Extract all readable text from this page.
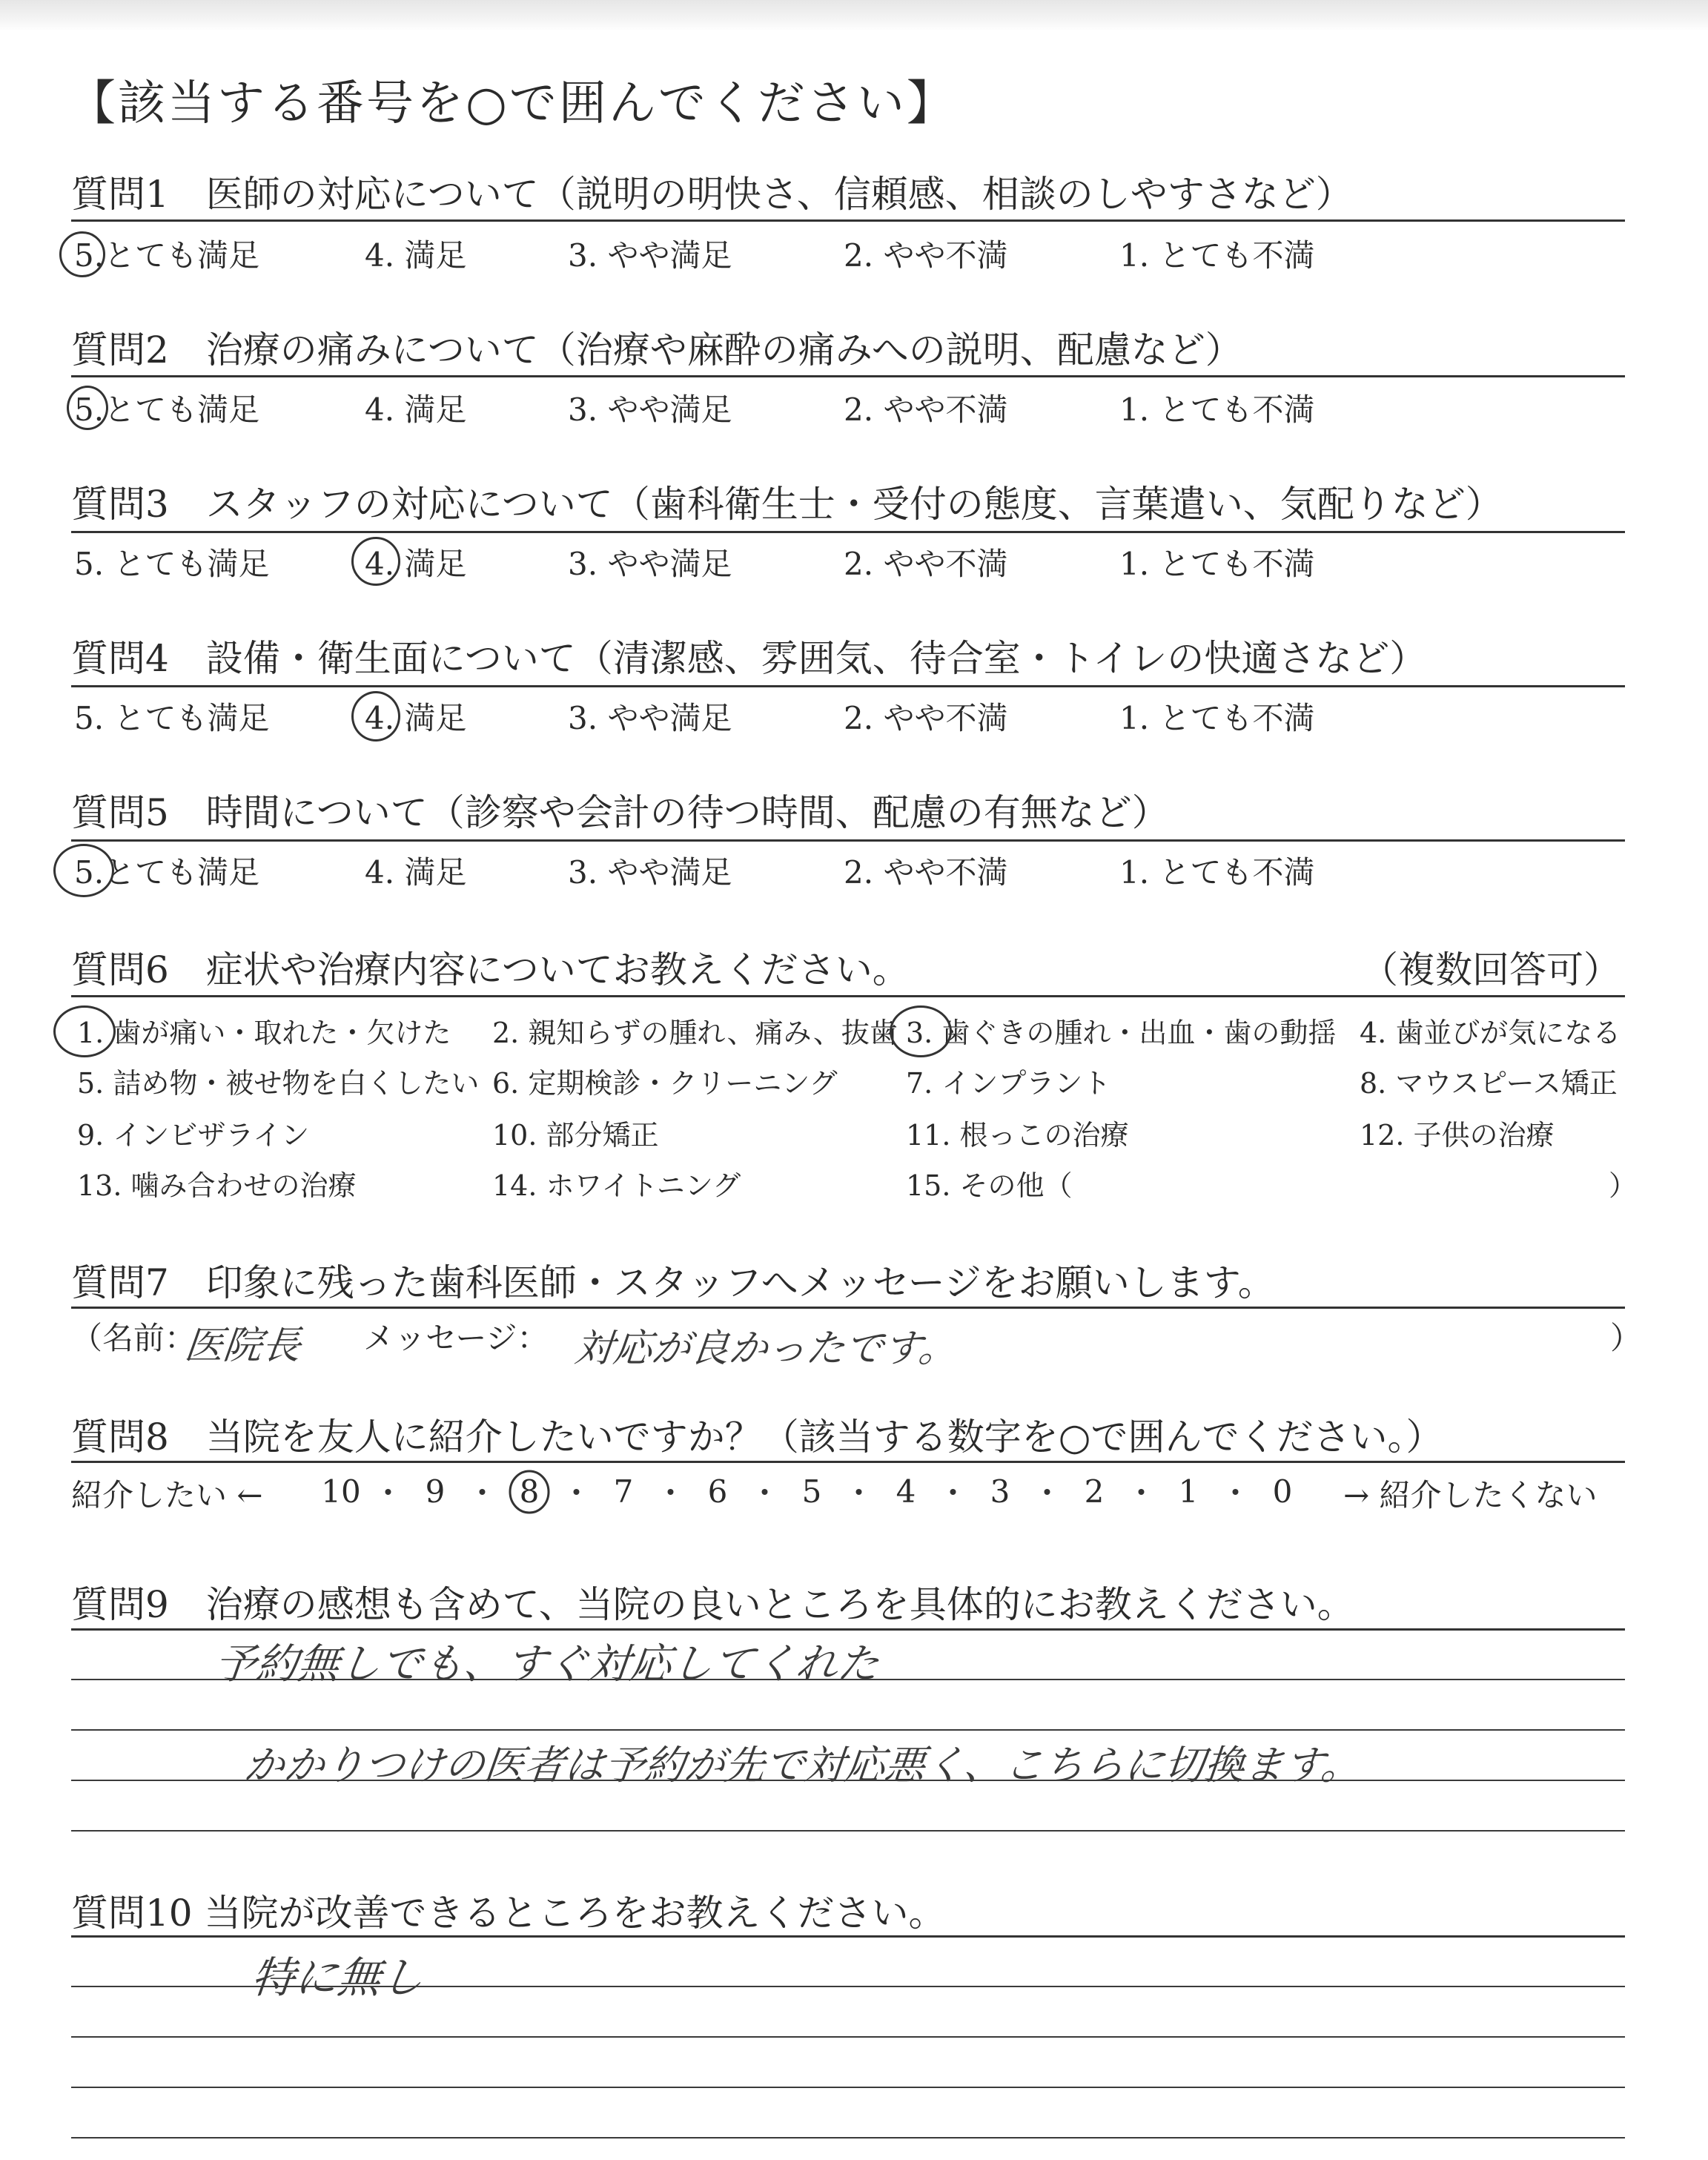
【該当する番号を○で囲んでください】
質問1　医師の対応について（説明の明快さ、信頼感、相談のしやすさなど）
5.とても満足	4. 満足	3. やや満足	2. やや不満	1. とても不満
質問2　治療の痛みについて（治療や麻酔の痛みへの説明、配慮など）
5.とても満足	4. 満足	3. やや満足	2. やや不満	1. とても不満
質問3　スタッフの対応について（歯科衛生士・受付の態度、言葉遣い、気配りなど）
5. とても満足	4. 満足	3. やや満足	2. やや不満	1. とても不満
質問4　設備・衛生面について（清潔感、雰囲気、待合室・トイレの快適さなど）
5. とても満足	4. 満足	3. やや満足	2. やや不満	1. とても不満
質問5　時間について（診察や会計の待つ時間、配慮の有無など）
5.とても満足	4. 満足	3. やや満足	2. やや不満	1. とても不満
質問6　症状や治療内容についてお教えください。	（複数回答可）
1. 歯が痛い・取れた・欠けた 2. 親知らずの腫れ、痛み、抜歯 3. 歯ぐきの腫れ・出血・歯の動揺 4. 歯並びが気になる
5. 詰め物・被せ物を白くしたい 6. 定期検診・クリーニング 7. インプラント	8. マウスピース矯正
9. インビザライン	10. 部分矯正	11. 根っこの治療	12. 子供の治療
13. 噛み合わせの治療	14. ホワイトニング	15. その他（	）
質問7　印象に残った歯科医師・スタッフへメッセージをお願いします。
（名前：
医院長 メッセージ： 対応が良かったです。	）
質問8　当院を友人に紹介したいですか？（該当する数字を○で囲んでください。）
紹介したい ← 10 9 8 7 6 5 4 3 2 1 0 → 紹介したくない
質問9　治療の感想も含めて、当院の良いところを具体的にお教えください。
予約無しでも、すぐ対応してくれた
かかりつけの医者は予約が先で対応悪く、こちらに切換ます。
質問10 当院が改善できるところをお教えください。
特に無し
